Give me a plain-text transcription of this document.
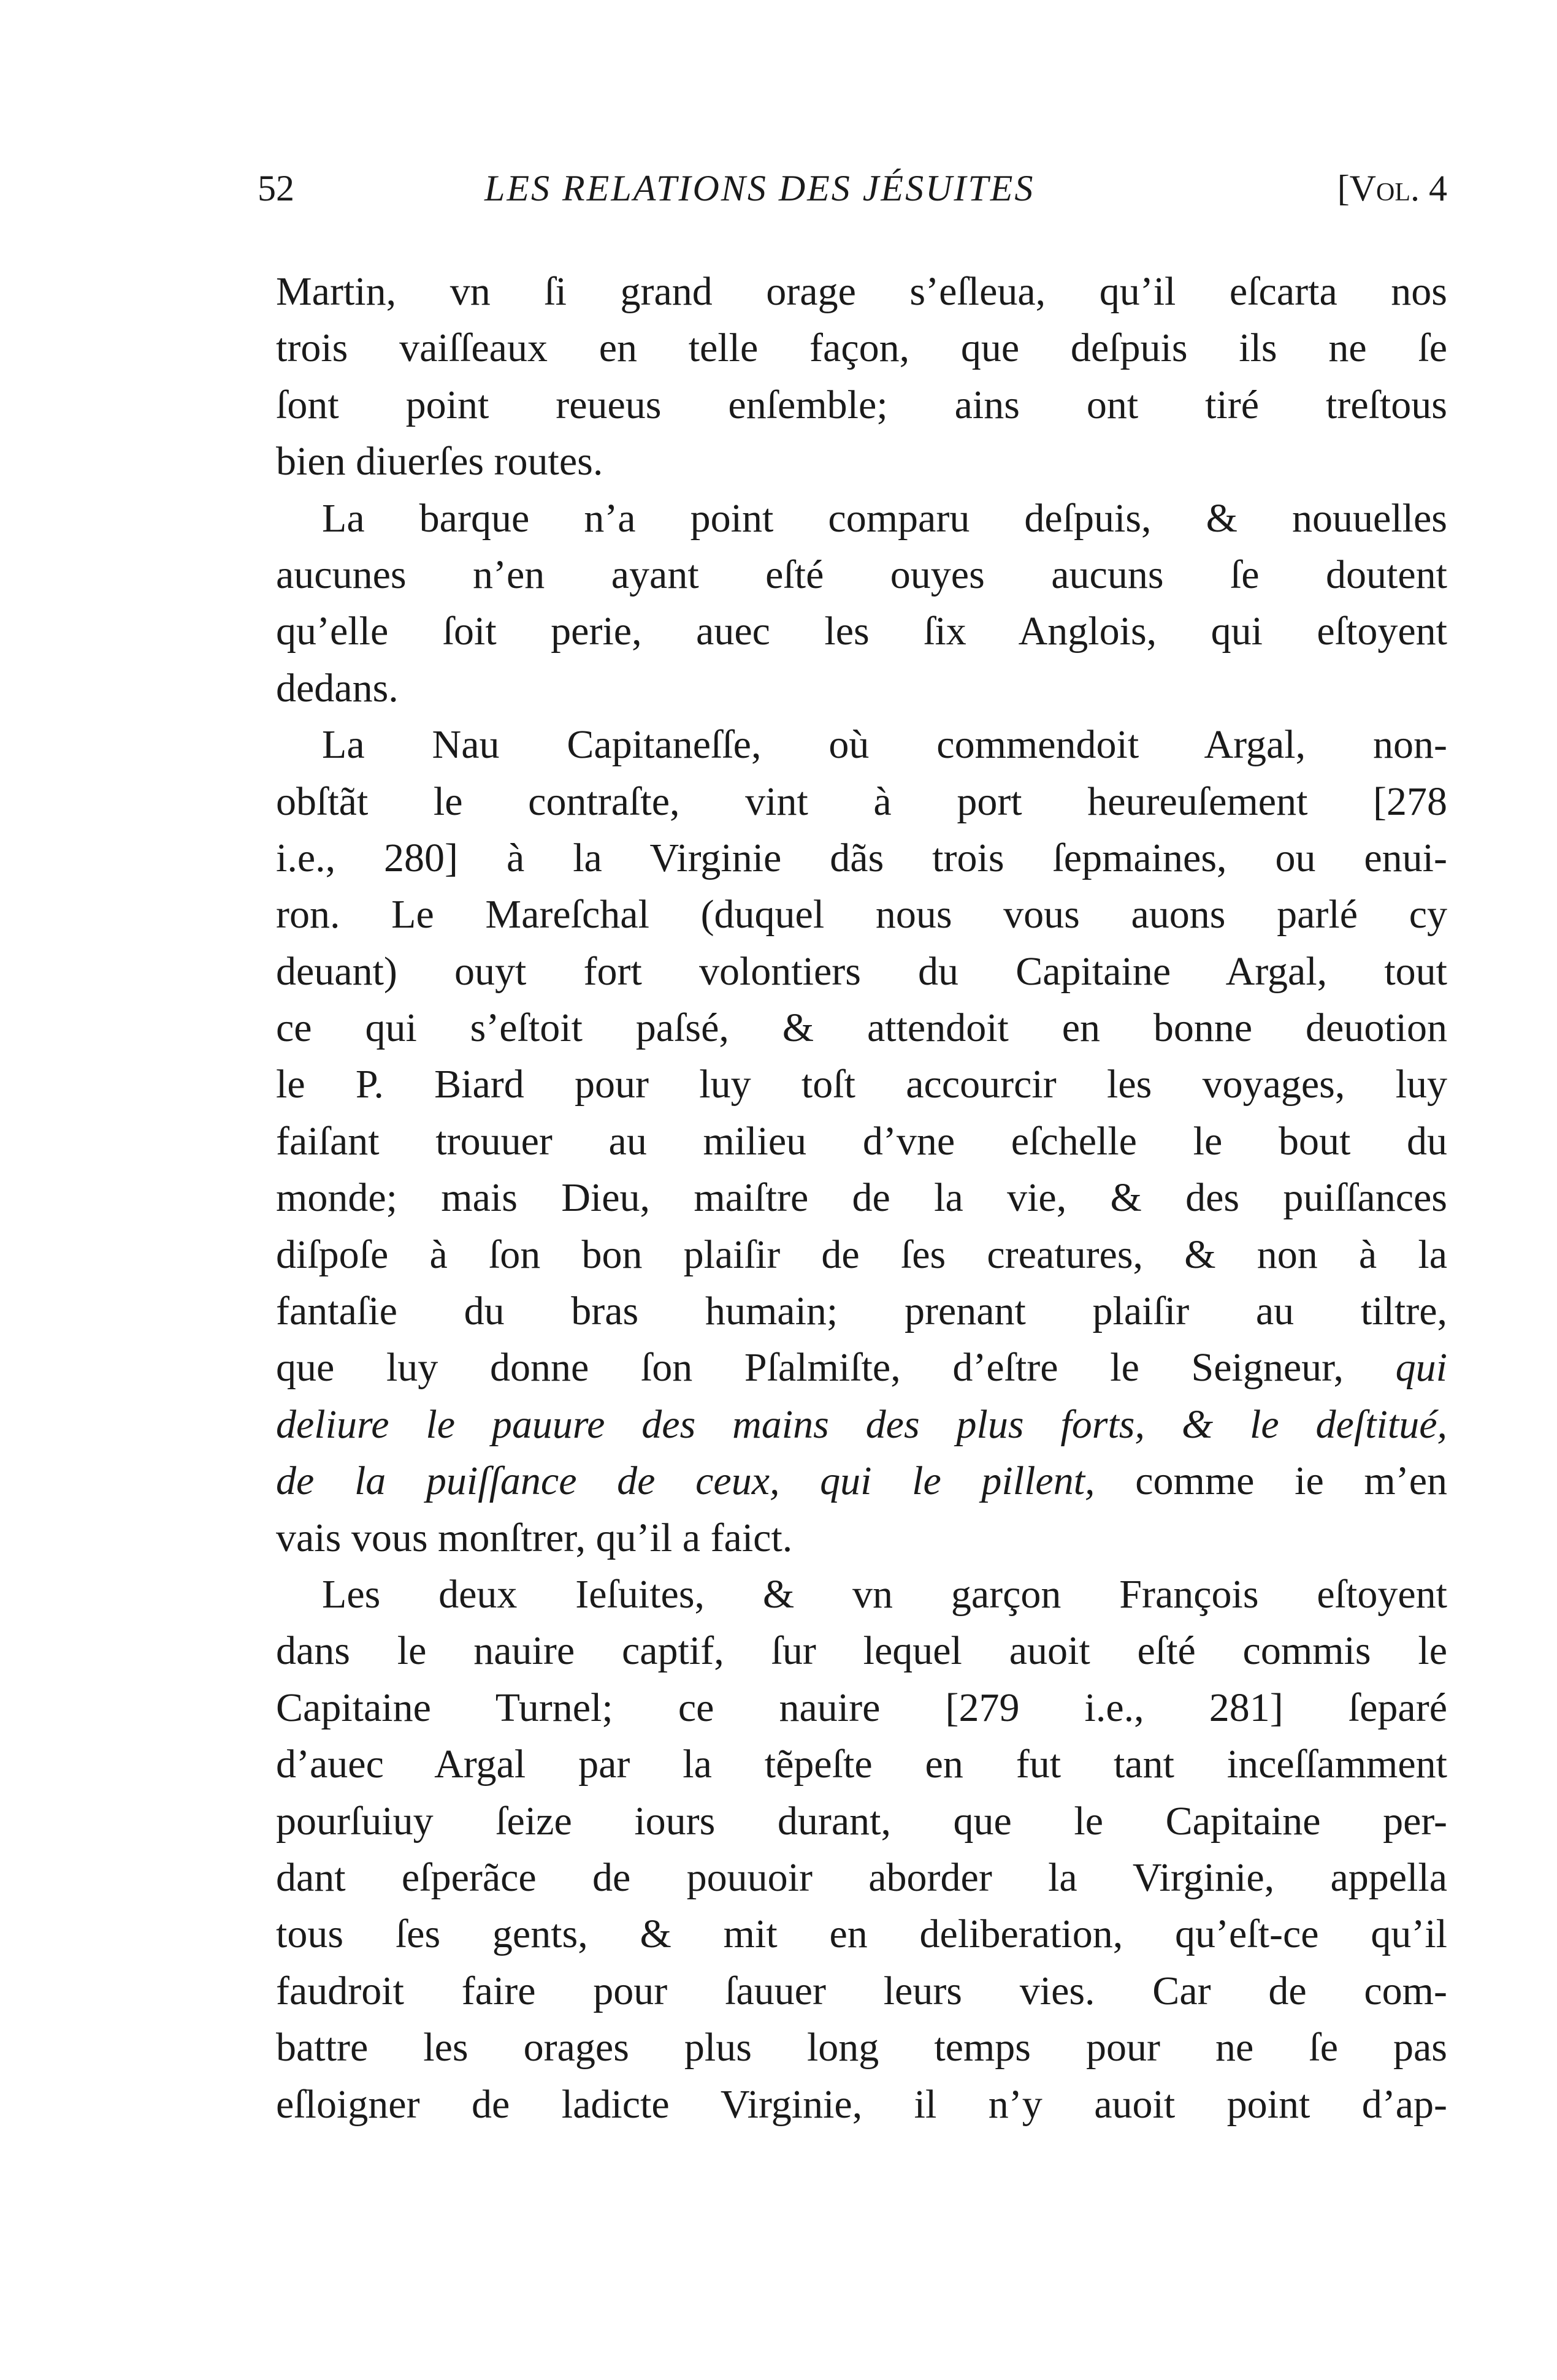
52	LES RELATIONS DES JÉSUITES	[Vol. 4
Martin, vn ſi grand orage s’eſleua, qu’il eſcarta nos
trois vaiſſeaux en telle façon, que deſpuis ils ne ſe
ſont point reueus enſemble; ains ont tiré treſtous
bien diuerſes routes.
La barque n’a point comparu deſpuis, & nouuelles
aucunes n’en ayant eſté ouyes aucuns ſe doutent
qu’elle ſoit perie, auec les ſix Anglois, qui eſtoyent
dedans.
La Nau Capitaneſſe, où commendoit Argal, non-
obſtãt le contraſte, vint à port heureuſement [278
i.e., 280] à la Virginie dãs trois ſepmaines, ou enui-
ron. Le Mareſchal (duquel nous vous auons parlé cy
deuant) ouyt fort volontiers du Capitaine Argal, tout
ce qui s’eſtoit paſsé, & attendoit en bonne deuotion
le P. Biard pour luy toſt accourcir les voyages, luy
faiſant trouuer au milieu d’vne eſchelle le bout du
monde; mais Dieu, maiſtre de la vie, & des puiſſances
diſpoſe à ſon bon plaiſir de ſes creatures, & non à la
fantaſie du bras humain; prenant plaiſir au tiltre,
que luy donne ſon Pſalmiſte, d’eſtre le Seigneur, qui
deliure le pauure des mains des plus forts, & le deſtitué,
de la puiſſance de ceux, qui le pillent, comme ie m’en
vais vous monſtrer, qu’il a faict.
Les deux Ieſuites, & vn garçon François eſtoyent
dans le nauire captif, ſur lequel auoit eſté commis le
Capitaine Turnel; ce nauire [279 i.e., 281] ſeparé
d’auec Argal par la tẽpeſte en fut tant inceſſamment
pourſuiuy ſeize iours durant, que le Capitaine per-
dant eſperãce de pouuoir aborder la Virginie, appella
tous ſes gents, & mit en deliberation, qu’eſt-ce qu’il
faudroit faire pour ſauuer leurs vies. Car de com-
battre les orages plus long temps pour ne ſe pas
eſloigner de ladicte Virginie, il n’y auoit point d’ap-
